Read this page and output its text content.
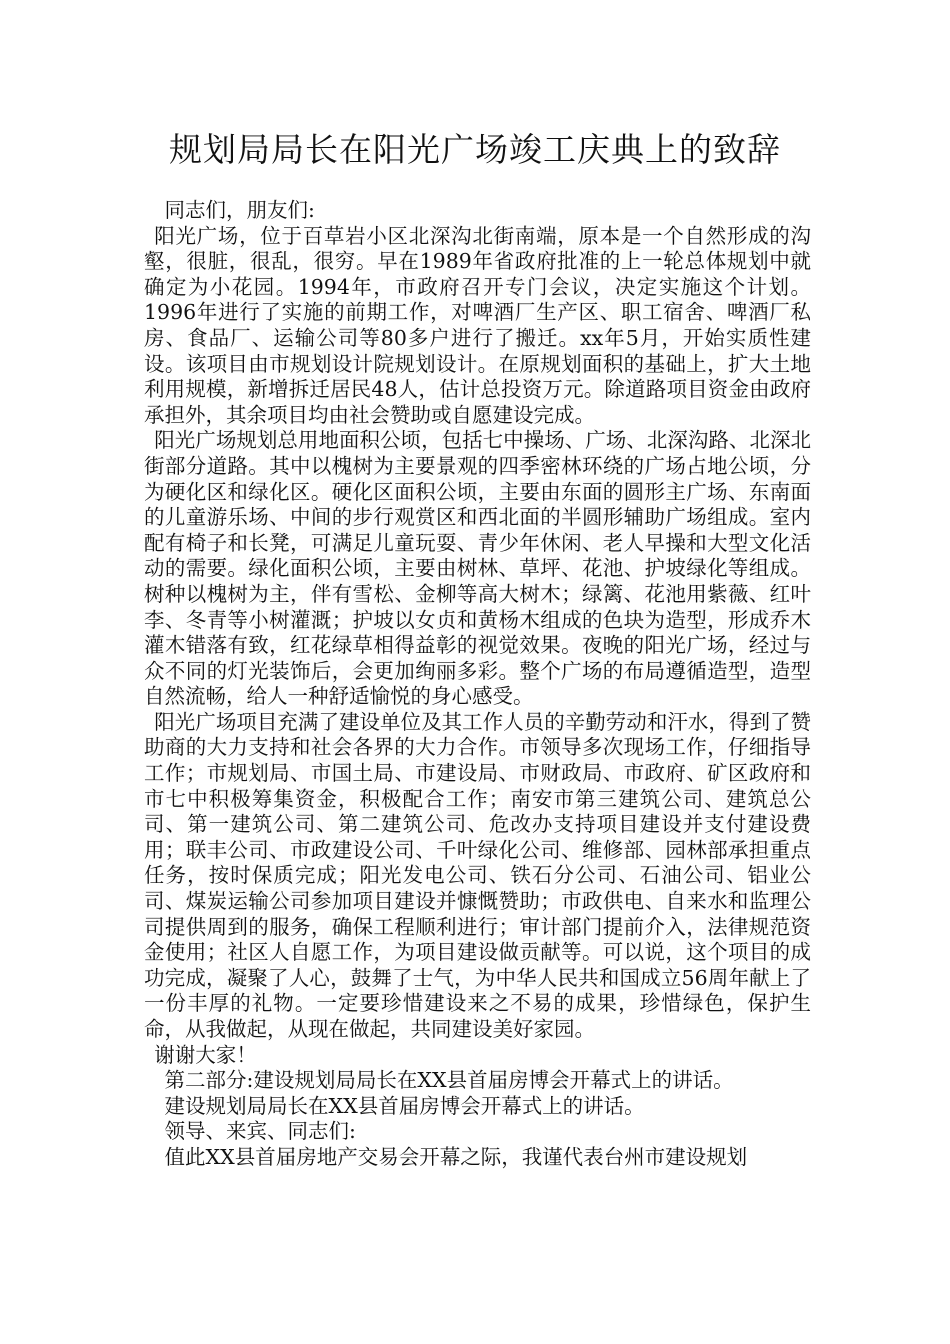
规划局局长在阳光广场竣工庆典上的致辞

同志们，朋友们:

阳光广场，位于百草岩小区北深沟北街南端，原本是一个自然形成的沟壑，很脏，很乱，很穷。早在1989年省政府批准的上一轮总体规划中就确定为小花园。1994年，市政府召开专门会议，决定实施这个计划。1996年进行了实施的前期工作，对啤酒厂生产区、职工宿舍、啤酒厂私房、食品厂、运输公司等80多户进行了搬迁。xx年5月，开始实质性建设。该项目由市规划设计院规划设计。在原规划面积的基础上，扩大土地利用规模，新增拆迁居民48人，估计总投资万元。除道路项目资金由政府承担外，其余项目均由社会赞助或自愿建设完成。

阳光广场规划总用地面积公顷，包括七中操场、广场、北深沟路、北深北街部分道路。其中以槐树为主要景观的四季密林环绕的广场占地公顷，分为硬化区和绿化区。硬化区面积公顷，主要由东面的圆形主广场、东南面的儿童游乐场、中间的步行观赏区和西北面的半圆形辅助广场组成。室内配有椅子和长凳，可满足儿童玩耍、青少年休闲、老人早操和大型文化活动的需要。绿化面积公顷，主要由树林、草坪、花池、护坡绿化等组成。树种以槐树为主，伴有雪松、金柳等高大树木；绿篱、花池用紫薇、红叶李、冬青等小树灌溉；护坡以女贞和黄杨木组成的色块为造型，形成乔木灌木错落有致，红花绿草相得益彰的视觉效果。夜晚的阳光广场，经过与众不同的灯光装饰后，会更加绚丽多彩。整个广场的布局遵循造型，造型自然流畅，给人一种舒适愉悦的身心感受。

阳光广场项目充满了建设单位及其工作人员的辛勤劳动和汗水，得到了赞助商的大力支持和社会各界的大力合作。市领导多次现场工作，仔细指导工作；市规划局、市国土局、市建设局、市财政局、市政府、矿区政府和市七中积极筹集资金，积极配合工作；南安市第三建筑公司、建筑总公司、第一建筑公司、第二建筑公司、危改办支持项目建设并支付建设费用；联丰公司、市政建设公司、千叶绿化公司、维修部、园林部承担重点任务，按时保质完成；阳光发电公司、铁石分公司、石油公司、铝业公司、煤炭运输公司参加项目建设并慷慨赞助；市政供电、自来水和监理公司提供周到的服务，确保工程顺利进行；审计部门提前介入，法律规范资金使用；社区人自愿工作，为项目建设做贡献等。可以说，这个项目的成功完成，凝聚了人心，鼓舞了士气，为中华人民共和国成立56周年献上了一份丰厚的礼物。一定要珍惜建设来之不易的成果，珍惜绿色，保护生命，从我做起，从现在做起，共同建设美好家园。

谢谢大家！

第二部分:建设规划局局长在XX县首届房博会开幕式上的讲话。

建设规划局局长在XX县首届房博会开幕式上的讲话。

领导、来宾、同志们:

值此XX县首届房地产交易会开幕之际，我谨代表台州市建设规划
